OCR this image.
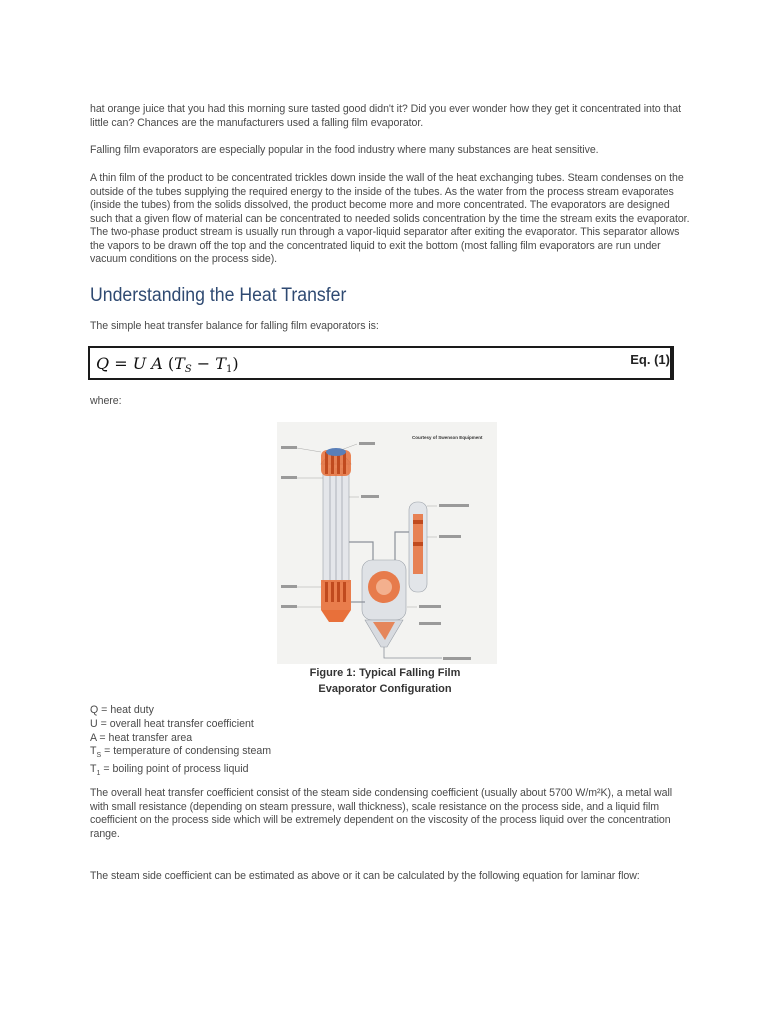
hat orange juice that you had this morning sure tasted good didn't it? Did you ever wonder how they get it concentrated into that little can? Chances are the manufacturers used a falling film evaporator.
Falling film evaporators are especially popular in the food industry where many substances are heat sensitive.
A thin film of the product to be concentrated trickles down inside the wall of the heat exchanging tubes. Steam condenses on the outside of the tubes supplying the required energy to the inside of the tubes. As the water from the process stream evaporates (inside the tubes) from the solids dissolved, the product become more and more concentrated. The evaporators are designed such that a given flow of material can be concentrated to needed solids concentration by the time the stream exits the evaporator. The two-phase product stream is usually run through a vapor-liquid separator after exiting the evaporator. This separator allows the vapors to be drawn off the top and the concentrated liquid to exit the bottom (most falling film evaporators are run under vacuum conditions on the process side).
Understanding the Heat Transfer
The simple heat transfer balance for falling film evaporators is:
Q = U A $(T_S - T_1)$	Eq. (1)
where:
Courtesy of Swenson Equipment
Figure 1: Typical Falling Film
Evaporator Configuration
Q = heat duty
U = overall heat transfer coefficient
A = heat transfer area
$T_S$ = temperature of condensing steam
$T_1$ = boiling point of process liquid
The overall heat transfer coefficient consist of the steam side condensing coefficient (usually about 5700 W/m²K), a metal wall with small resistance (depending on steam pressure, wall thickness), scale resistance on the process side, and a liquid film coefficient on the process side which will be extremely dependent on the viscosity of the process liquid over the concentration range.
The steam side coefficient can be estimated as above or it can be calculated by the following equation for laminar flow:
